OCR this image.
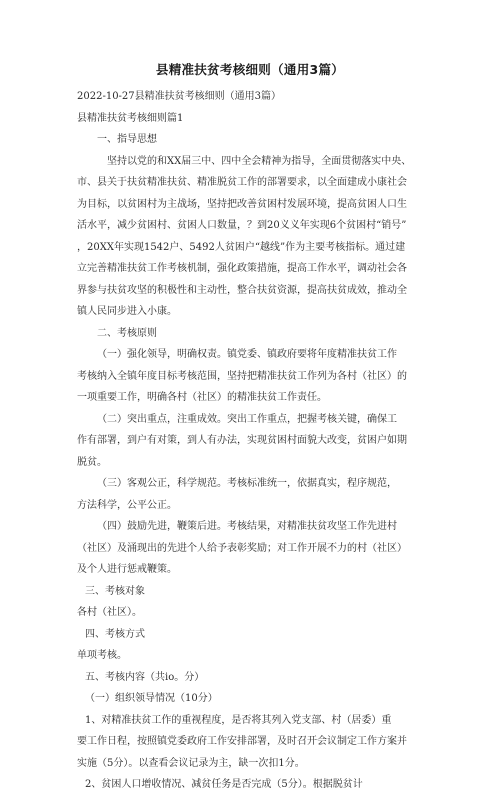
县精准扶贫考核细则（通用3篇）
2022-10-27县精准扶贫考核细则（通用3篇）
县精准扶贫考核细则篇1
一、指导思想
坚持以党的和XX届三中、四中全会精神为指导，全面贯彻落实中央、
市、县关于扶贫精准扶贫、精准脱贫工作的部署要求，以全面建成小康社会
为目标，以贫困村为主战场，坚持把改善贫困村发展环境，提高贫困人口生
活水平，减少贫困村、贫困人口数量，？到20义义年实现6个贫困村“销号”
，20XX年实现1542户、5492人贫困户“越线”作为主要考核指标。通过建
立完善精准扶贫工作考核机制，强化政策措施，提高工作水平，调动社会各
界参与扶贫攻坚的积极性和主动性，整合扶贫资源，提高扶贫成效，推动全
镇人民同步进入小康。
二、考核原则
（一）强化领导，明确权责。镇党委、镇政府要将年度精准扶贫工作
考核纳入全镇年度目标考核范围，坚持把精准扶贫工作列为各村（社区）的
一项重要工作，明确各村（社区）的精准扶贫工作责任。
（二）突出重点，注重成效。突出工作重点，把握考核关键，确保工
作有部署，到户有对策，到人有办法，实现贫困村面貌大改变，贫困户如期
脱贫。
（三）客观公正，科学规范。考核标准统一，依据真实，程序规范，
方法科学，公平公正。
（四）鼓励先进，鞭策后进。考核结果，对精准扶贫攻坚工作先进村
（社区）及涌现出的先进个人给予表彰奖励；对工作开展不力的村（社区）
及个人进行惩戒鞭策。
三、考核对象
各村（社区）。
四、考核方式
单项考核。
五、考核内容（共io。分）
（一）组织领导情况（10分）
1、对精准扶贫工作的重视程度，是否将其列入党支部、村（居委）重
要工作日程，按照镇党委政府工作安排部署，及时召开会议制定工作方案并
实施（5分）。以查看会议记录为主，缺一次扣1分。
2、贫困人口增收情况、减贫任务是否完成（5分）。根据脱贫计
